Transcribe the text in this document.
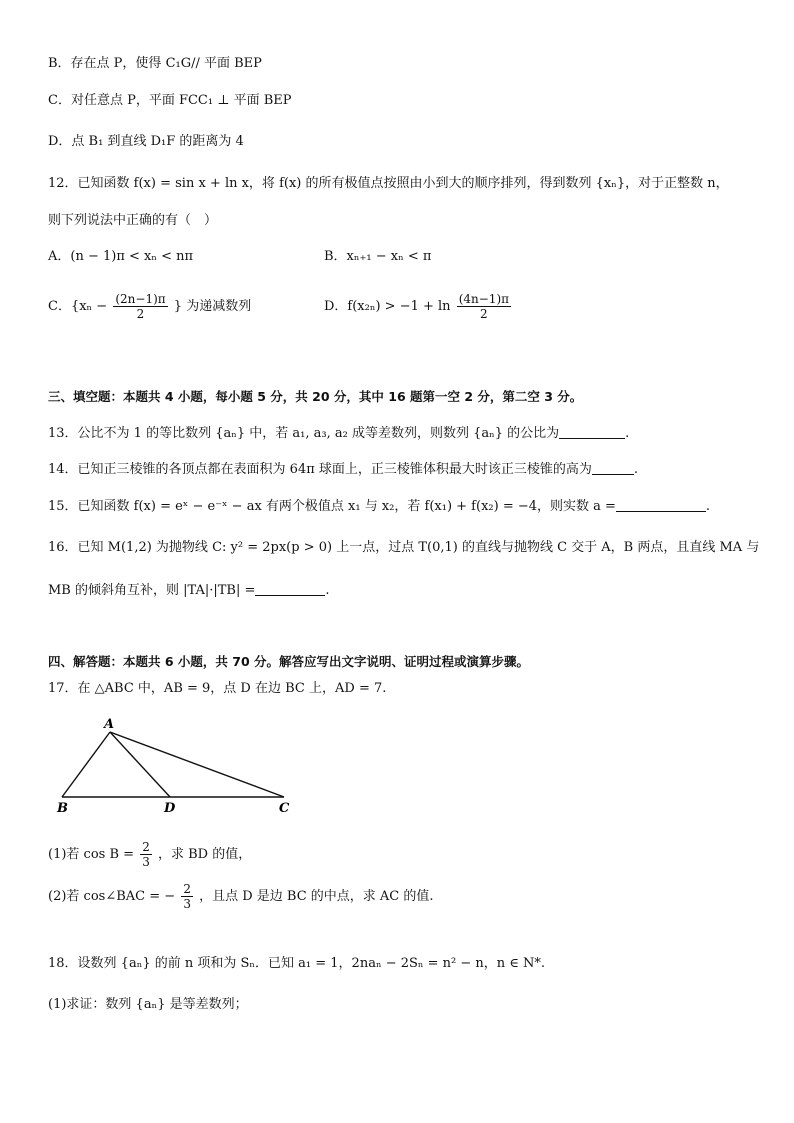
B．存在点 P，使得 C₁G// 平面 BEP
C．对任意点 P，平面 FCC₁ ⊥ 平面 BEP
D．点 B₁ 到直线 D₁F 的距离为 4
12．已知函数 f(x) = sin x + ln x，将 f(x) 的所有极值点按照由小到大的顺序排列，得到数列 {xₙ}，对于正整数 n，
则下列说法中正确的有（　）
A．(n − 1)π < xₙ < nπ	B．xₙ₊₁ − xₙ < π
C．{$x_n - \frac{(2n-1)\pi}{2}$ } 为递减数列	D．$f(x_{2n}) > -1 + \ln \frac{(4n-1)\pi}{2}$
三、填空题：本题共 4 小题，每小题 5 分，共 20 分，其中 16 题第一空 2 分，第二空 3 分。
13．公比不为 1 的等比数列 {aₙ} 中，若 a₁, a₃, a₂ 成等差数列，则数列 {aₙ} 的公比为	.
14．已知正三棱锥的各顶点都在表面积为 64π 球面上，正三棱锥体积最大时该正三棱锥的高为	.
15．已知函数 f(x) = eˣ − e⁻ˣ − ax 有两个极值点 x₁ 与 x₂，若 f(x₁) + f(x₂) = −4，则实数 a =	.
16．已知 M(1,2) 为抛物线 C: y² = 2px(p > 0) 上一点，过点 T(0,1) 的直线与抛物线 C 交于 A，B 两点，且直线 MA 与
MB 的倾斜角互补，则 |TA|·|TB| =	.
四、解答题：本题共 6 小题，共 70 分。解答应写出文字说明、证明过程或演算步骤。
17．在 △ABC 中，AB = 9，点 D 在边 BC 上，AD = 7.
A
B	D	C
(1)若 $\cos B = \frac{2}{3}$ ，求 BD 的值，
(2)若 cos∠BAC = − $\frac{2}{3}$ ，且点 D 是边 BC 的中点，求 AC 的值.
18．设数列 {aₙ} 的前 n 项和为 Sₙ．已知 a₁ = 1，2naₙ − 2Sₙ = n² − n，n ∈ N*.
(1)求证：数列 {aₙ} 是等差数列；
